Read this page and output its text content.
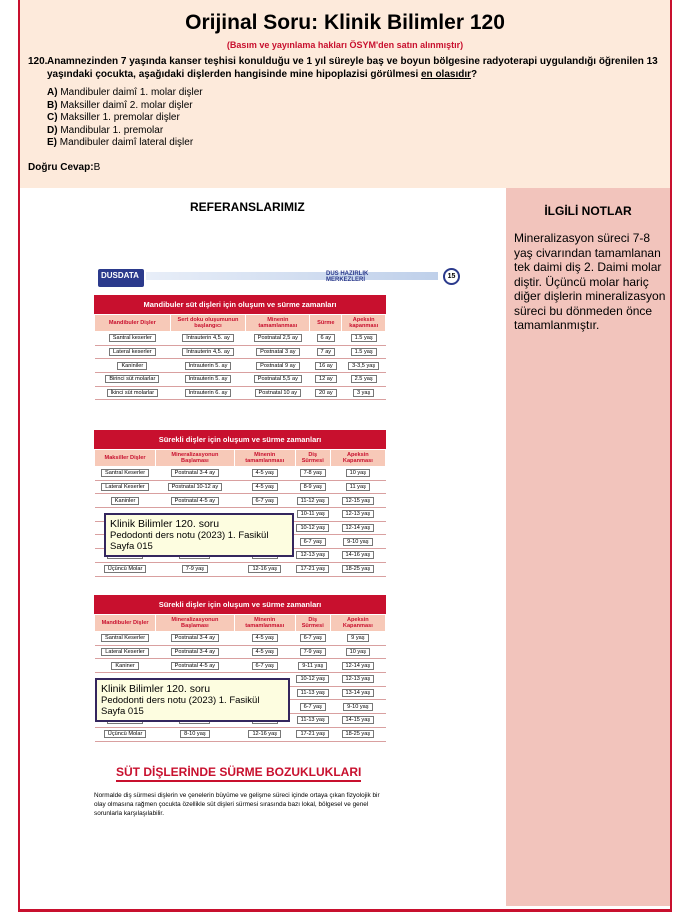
Orijinal Soru: Klinik Bilimler 120
(Basım ve yayınlama hakları ÖSYM'den satın alınmıştır)
120. Anamnezinden 7 yaşında kanser teşhisi konulduğu ve 1 yıl süreyle baş ve boyun bölgesine radyoterapi uygulandığı öğrenilen 13 yaşındaki çocukta, aşağıdaki dişlerden hangisinde mine hipoplazisi görülmesi en olasıdır?
A) Mandibuler daimî 1. molar dişler
B) Maksiller daimî 2. molar dişler
C) Maksiller 1. premolar dişler
D) Mandibular 1. premolar
E) Mandibuler daimî lateral dişler
Doğru Cevap:B
REFERANSLARIMIZ	İLGİLİ NOTLAR
Mineralizasyon süreci 7-8 yaş civarından tamamlanan tek daimi diş 2. Daimi molar diştir. Üçüncü molar hariç diğer dişlerin mineralizasyon süreci bu dönmeden önce tamamlanmıştır.
DUSDATA	DUS HAZIRLIK MERKEZLERİ	15
Mandibuler süt dişleri için oluşum ve sürme zamanları
Mandibuler Dişler	Sert doku oluşumunun başlangıcı	Minenin tamamlanması	Sürme	Apeksin kapanması
Santral keserler	Intrauterin 4,5. ay	Postnatal 2,5 ay	6 ay	1.5 yaş
Lateral keserler	Intrauterin 4,5. ay	Postnatal 3 ay	7 ay	1.5 yaş
Kaniniler	Intrauterin 5. ay	Postnatal 9 ay	16 ay	3-3,5 yaş
Birinci süt molarlar	Intrauterin 5. ay	Postnatal 5,5 ay	12 ay	2.5 yaş
İkinci süt molarlar	Intrauterin 6. ay	Postnatal 10 ay	20 ay	3 yaş
Sürekli dişler için oluşum ve sürme zamanları
Maksiller Dişler	Mineralizasyonun Başlaması	Minenin tamamlanması	Diş Sürmesi	Apeksin Kapanması
Santral Keserler	Postnatal 3-4 ay	4-5 yaş	7-8 yaş	10 yaş
Lateral Keserler	Postnatal 10-12 ay	4-5 yaş	8-9 yaş	11 yaş
Kaninler	Postnatal 4-5 ay	6-7 yaş	11-12 yaş	12-15 yaş
			10-11 yaş	12-13 yaş
			10-12 yaş	12-14 yaş
			6-7 yaş	9-10 yaş
			12-13 yaş	14-16 yaş
Üçüncü Molar	7-9 yaş	12-16 yaş	17-21 yaş	18-25 yaş
Sürekli dişler için oluşum ve sürme zamanları
Mandibuler Dişler	Mineralizasyonun Başlaması	Minenin tamamlanması	Diş Sürmesi	Apeksin Kapanması
Santral Keserler	Postnatal 3-4 ay	4-5 yaş	6-7 yaş	9 yaş
Lateral Keserler	Postnatal 3-4 ay	4-5 yaş	7-9 yaş	10 yaş
Kaniner	Postnatal 4-5 ay	6-7 yaş	9-11 yaş	12-14 yaş
			10-12 yaş	12-13 yaş
			11-13 yaş	13-14 yaş
			6-7 yaş	9-10 yaş
			11-13 yaş	14-15 yaş
Üçüncü Molar	8-10 yaş	12-16 yaş	17-21 yaş	18-25 yaş
Klinik Bilimler 120. soru
Pedodonti ders notu (2023) 1. Fasikül
Sayfa 015
Klinik Bilimler 120. soru
Pedodonti ders notu (2023) 1. Fasikül
Sayfa 015
SÜT DİŞLERİNDE SÜRME BOZUKLUKLARI
Normalde diş sürmesi dişlerin ve çenelerin büyüme ve gelişme süreci içinde ortaya çıkan fizyolojik bir olay olmasına rağmen çocukta özellikle süt dişleri sürmesi sırasında bazı lokal, bölgesel ve genel sorunlarla karşılaşılabilir.
